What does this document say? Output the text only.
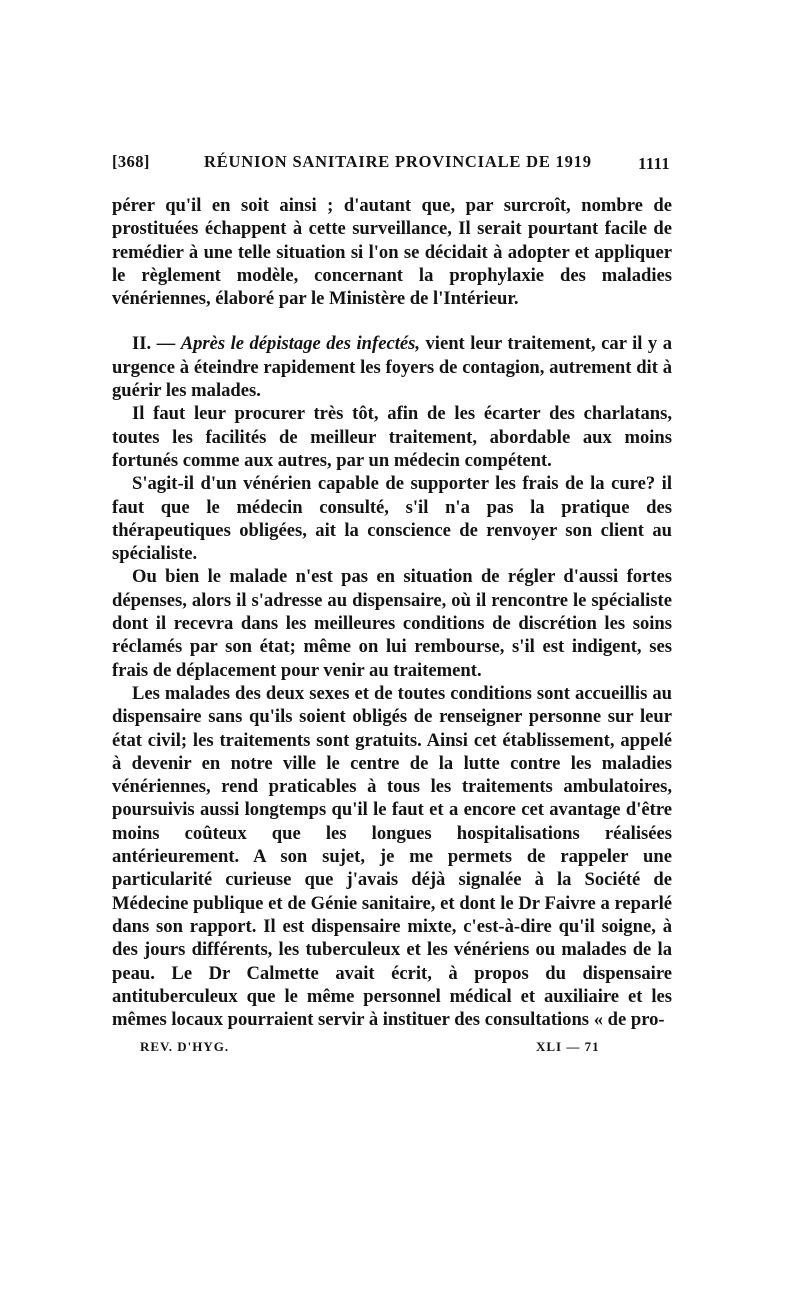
[368]	RÉUNION SANITAIRE PROVINCIALE DE 1919	1111

pérer qu'il en soit ainsi ; d'autant que, par surcroît, nombre de prostituées échappent à cette surveillance, Il serait pourtant facile de remédier à une telle situation si l'on se décidait à adopter et appliquer le règlement modèle, concernant la prophylaxie des maladies vénériennes, élaboré par le Ministère de l'Intérieur.

II. — Après le dépistage des infectés, vient leur traitement, car il y a urgence à éteindre rapidement les foyers de contagion, autrement dit à guérir les malades.

Il faut leur procurer très tôt, afin de les écarter des charlatans, toutes les facilités de meilleur traitement, abordable aux moins fortunés comme aux autres, par un médecin compétent.

S'agit-il d'un vénérien capable de supporter les frais de la cure? il faut que le médecin consulté, s'il n'a pas la pratique des thérapeutiques obligées, ait la conscience de renvoyer son client au spécialiste.

Ou bien le malade n'est pas en situation de régler d'aussi fortes dépenses, alors il s'adresse au dispensaire, où il rencontre le spécialiste dont il recevra dans les meilleures conditions de discrétion les soins réclamés par son état; même on lui rembourse, s'il est indigent, ses frais de déplacement pour venir au traitement.

Les malades des deux sexes et de toutes conditions sont accueillis au dispensaire sans qu'ils soient obligés de renseigner personne sur leur état civil; les traitements sont gratuits. Ainsi cet établissement, appelé à devenir en notre ville le centre de la lutte contre les maladies vénériennes, rend praticables à tous les traitements ambulatoires, poursuivis aussi longtemps qu'il le faut et a encore cet avantage d'être moins coûteux que les longues hospitalisations réalisées antérieurement. A son sujet, je me permets de rappeler une particularité curieuse que j'avais déjà signalée à la Société de Médecine publique et de Génie sanitaire, et dont le Dr Faivre a reparlé dans son rapport. Il est dispensaire mixte, c'est-à-dire qu'il soigne, à des jours différents, les tuberculeux et les vénériens ou malades de la peau. Le Dr Calmette avait écrit, à propos du dispensaire antituberculeux que le même personnel médical et auxiliaire et les mêmes locaux pourraient servir à instituer des consultations « de pro-

REV. D'HYG.	XLI — 71
